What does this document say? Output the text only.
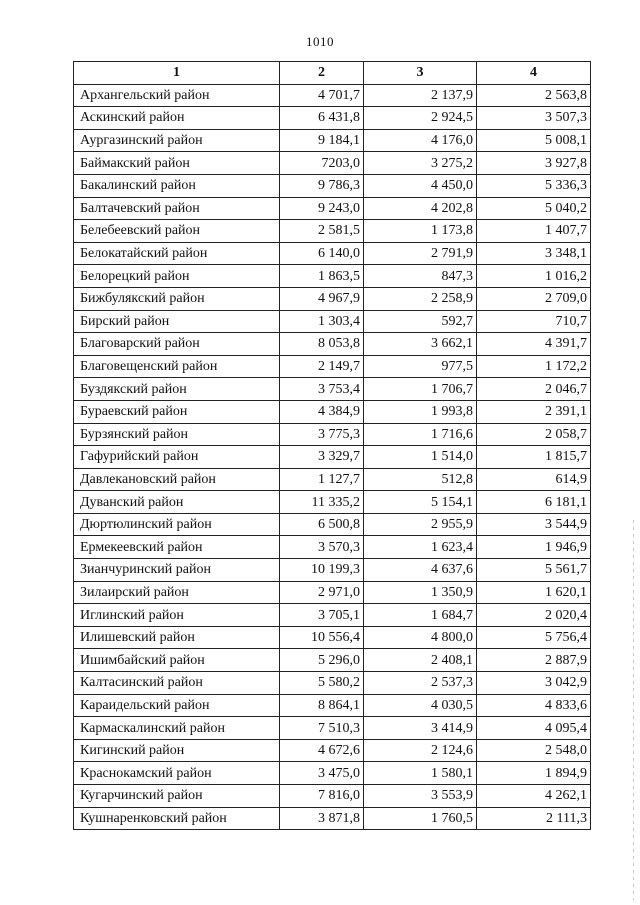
1010
1	2	3	4
Архангельский район	4 701,7	2 137,9	2 563,8
Аскинский район	6 431,8	2 924,5	3 507,3
Аургазинский район	9 184,1	4 176,0	5 008,1
Баймакский район	7203,0	3 275,2	3 927,8
Бакалинский район	9 786,3	4 450,0	5 336,3
Балтачевский район	9 243,0	4 202,8	5 040,2
Белебеевский район	2 581,5	1 173,8	1 407,7
Белокатайский район	6 140,0	2 791,9	3 348,1
Белорецкий район	1 863,5	847,3	1 016,2
Бижбулякский район	4 967,9	2 258,9	2 709,0
Бирский район	1 303,4	592,7	710,7
Благоварский район	8 053,8	3 662,1	4 391,7
Благовещенский район	2 149,7	977,5	1 172,2
Буздякский район	3 753,4	1 706,7	2 046,7
Бураевский район	4 384,9	1 993,8	2 391,1
Бурзянский район	3 775,3	1 716,6	2 058,7
Гафурийский район	3 329,7	1 514,0	1 815,7
Давлекановский район	1 127,7	512,8	614,9
Дуванский район	11 335,2	5 154,1	6 181,1
Дюртюлинский район	6 500,8	2 955,9	3 544,9
Ермекеевский район	3 570,3	1 623,4	1 946,9
Зианчуринский район	10 199,3	4 637,6	5 561,7
Зилаирский район	2 971,0	1 350,9	1 620,1
Иглинский район	3 705,1	1 684,7	2 020,4
Илишевский район	10 556,4	4 800,0	5 756,4
Ишимбайский район	5 296,0	2 408,1	2 887,9
Калтасинский район	5 580,2	2 537,3	3 042,9
Караидельский район	8 864,1	4 030,5	4 833,6
Кармаскалинский район	7 510,3	3 414,9	4 095,4
Кигинский район	4 672,6	2 124,6	2 548,0
Краснокамский район	3 475,0	1 580,1	1 894,9
Кугарчинский район	7 816,0	3 553,9	4 262,1
Кушнаренковский район	3 871,8	1 760,5	2 111,3
